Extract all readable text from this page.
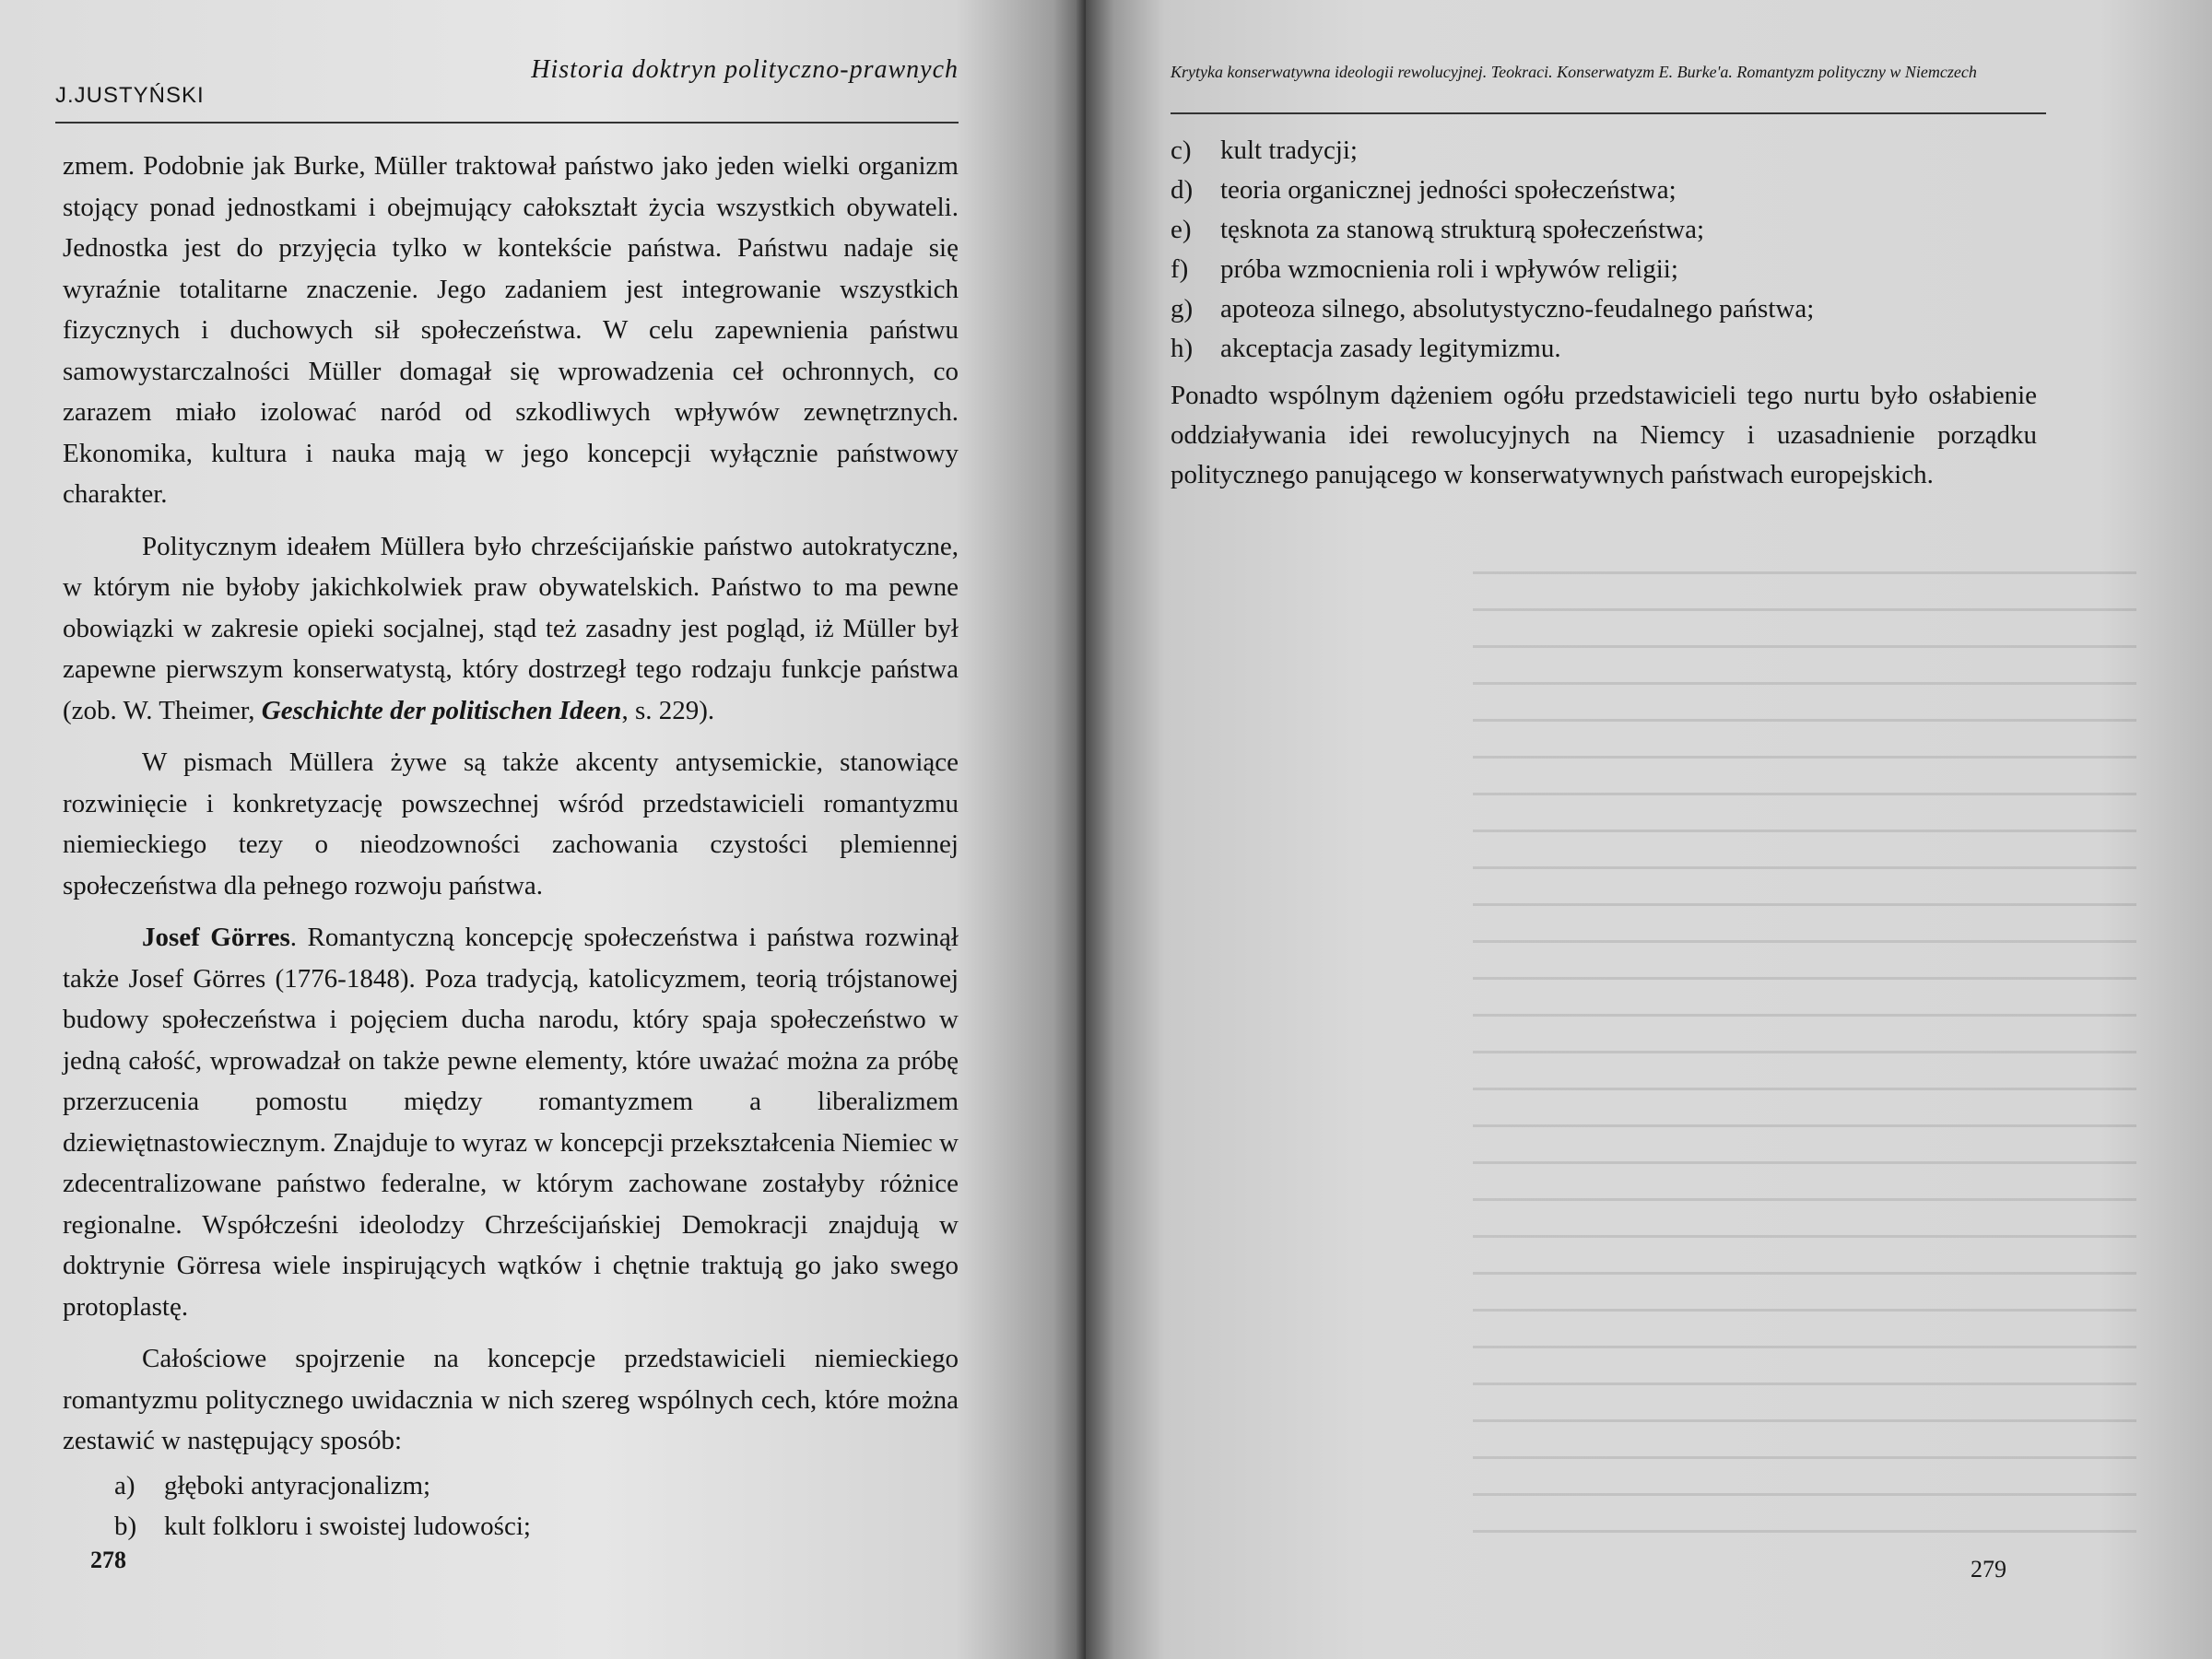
J.JUSTYŃSKI
Historia doktryn polityczno-prawnych

zmem. Podobnie jak Burke, Müller traktował państwo jako jeden wielki organizm stojący ponad jednostkami i obejmujący całokształt życia wszystkich obywateli. Jednostka jest do przyjęcia tylko w kontekście państwa. Państwu nadaje się wyraźnie totalitarne znaczenie. Jego zadaniem jest integrowanie wszystkich fizycznych i duchowych sił społeczeństwa. W celu zapewnienia państwu samowystarczalności Müller domagał się wprowadzenia ceł ochronnych, co zarazem miało izolować naród od szkodliwych wpływów zewnętrznych. Ekonomika, kultura i nauka mają w jego koncepcji wyłącznie państwowy charakter.

Politycznym ideałem Müllera było chrześcijańskie państwo autokratyczne, w którym nie byłoby jakichkolwiek praw obywatelskich. Państwo to ma pewne obowiązki w zakresie opieki socjalnej, stąd też zasadny jest pogląd, iż Müller był zapewne pierwszym konserwatystą, który dostrzegł tego rodzaju funkcje państwa (zob. W. Theimer, Geschichte der politischen Ideen, s. 229).

W pismach Müllera żywe są także akcenty antysemickie, stanowiące rozwinięcie i konkretyzację powszechnej wśród przedstawicieli romantyzmu niemieckiego tezy o nieodzowności zachowania czystości plemiennej społeczeństwa dla pełnego rozwoju państwa.

Josef Görres. Romantyczną koncepcję społeczeństwa i państwa rozwinął także Josef Görres (1776-1848). Poza tradycją, katolicyzmem, teorią trójstanowej budowy społeczeństwa i pojęciem ducha narodu, który spaja społeczeństwo w jedną całość, wprowadzał on także pewne elementy, które uważać można za próbę przerzucenia pomostu między romantyzmem a liberalizmem dziewiętnastowiecznym. Znajduje to wyraz w koncepcji przekształcenia Niemiec w zdecentralizowane państwo federalne, w którym zachowane zostałyby różnice regionalne. Współcześni ideolodzy Chrześcijańskiej Demokracji znajdują w doktrynie Görresa wiele inspirujących wątków i chętnie traktują go jako swego protoplastę.

Całościowe spojrzenie na koncepcje przedstawicieli niemieckiego romantyzmu politycznego uwidacznia w nich szereg wspólnych cech, które można zestawić w następujący sposób:

a)	głęboki antyracjonalizm;
b)	kult folkloru i swoistej ludowości;
278
Krytyka konserwatywna ideologii rewolucyjnej. Teokraci. Konserwatyzm E. Burke'a. Romantyzm polityczny w Niemczech
c)	kult tradycji;
d)	teoria organicznej jedności społeczeństwa;
e)	tęsknota za stanową strukturą społeczeństwa;
f)	próba wzmocnienia roli i wpływów religii;
g)	apoteoza silnego, absolutystyczno-feudalnego państwa;
h)	akceptacja zasady legitymizmu.

Ponadto wspólnym dążeniem ogółu przedstawicieli tego nurtu było osłabienie oddziaływania idei rewolucyjnych na Niemcy i uzasadnienie porządku politycznego panującego w konserwatywnych państwach europejskich.

279
